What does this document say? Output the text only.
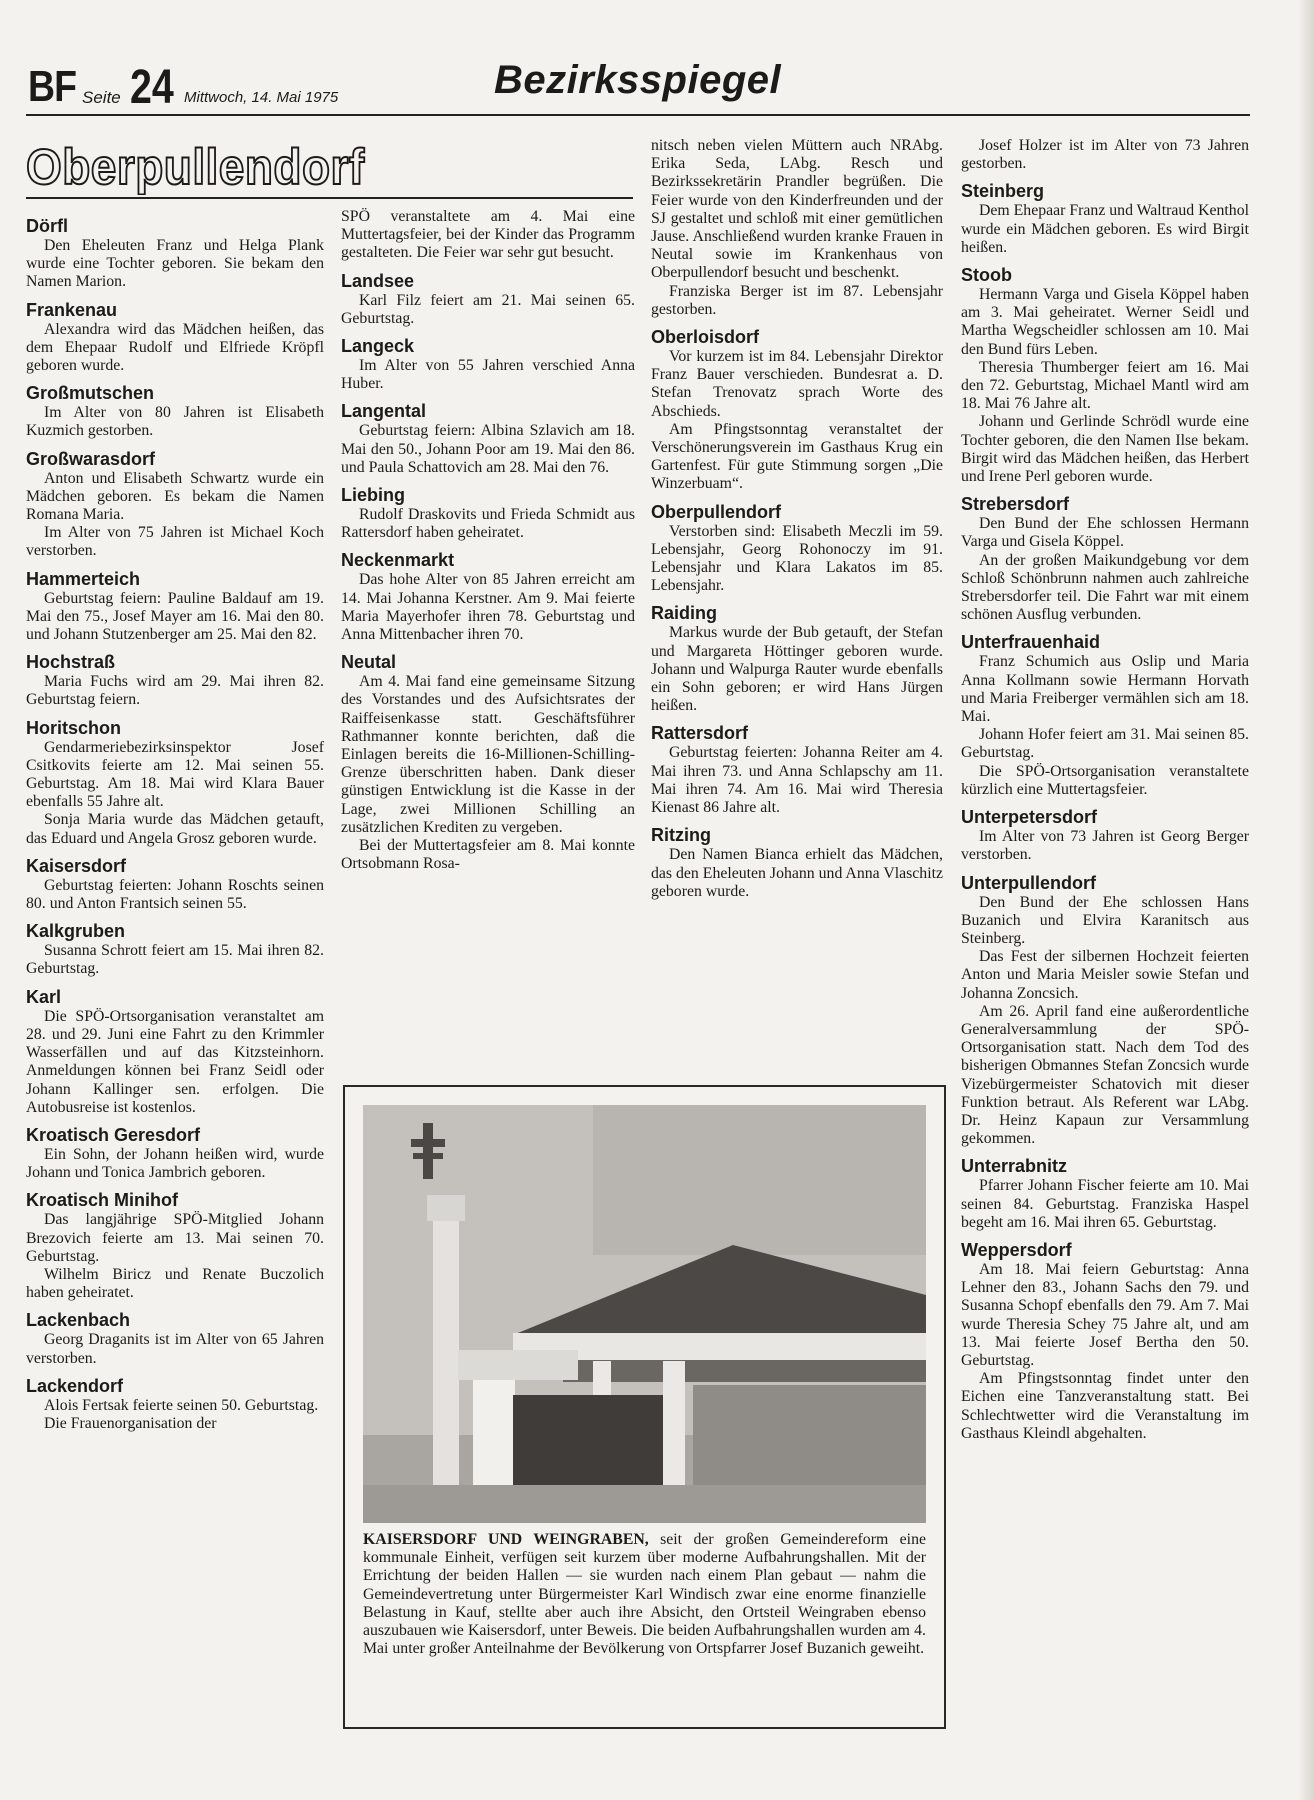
BF Seite 24 Mittwoch, 14. Mai 1975	Bezirksspiegel
Oberpullendorf
Dörfl

Den Eheleuten Franz und Helga Plank wurde eine Tochter geboren. Sie bekam den Namen Marion.

Frankenau

Alexandra wird das Mädchen heißen, das dem Ehepaar Rudolf und Elfriede Kröpfl geboren wurde.

Großmutschen

Im Alter von 80 Jahren ist Elisabeth Kuzmich gestorben.

Großwarasdorf

Anton und Elisabeth Schwartz wurde ein Mädchen geboren. Es bekam die Namen Romana Maria.

Im Alter von 75 Jahren ist Michael Koch verstorben.

Hammerteich

Geburtstag feiern: Pauline Baldauf am 19. Mai den 75., Josef Mayer am 16. Mai den 80. und Johann Stutzenberger am 25. Mai den 82.

Hochstraß

Maria Fuchs wird am 29. Mai ihren 82. Geburtstag feiern.

Horitschon

Gendarmeriebezirksinspektor Josef Csitkovits feierte am 12. Mai seinen 55. Geburtstag. Am 18. Mai wird Klara Bauer ebenfalls 55 Jahre alt.

Sonja Maria wurde das Mädchen getauft, das Eduard und Angela Grosz geboren wurde.

Kaisersdorf

Geburtstag feierten: Johann Roschts seinen 80. und Anton Frantsich seinen 55.

Kalkgruben

Susanna Schrott feiert am 15. Mai ihren 82. Geburtstag.

Karl

Die SPÖ-Ortsorganisation veranstaltet am 28. und 29. Juni eine Fahrt zu den Krimmler Wasserfällen und auf das Kitzsteinhorn. Anmeldungen können bei Franz Seidl oder Johann Kallinger sen. erfolgen. Die Autobusreise ist kostenlos.

Kroatisch Geresdorf

Ein Sohn, der Johann heißen wird, wurde Johann und Tonica Jambrich geboren.

Kroatisch Minihof

Das langjährige SPÖ-Mitglied Johann Brezovich feierte am 13. Mai seinen 70. Geburtstag.

Wilhelm Biricz und Renate Buczolich haben geheiratet.

Lackenbach

Georg Draganits ist im Alter von 65 Jahren verstorben.

Lackendorf

Alois Fertsak feierte seinen 50. Geburtstag.

Die Frauenorganisation der

SPÖ veranstaltete am 4. Mai eine Muttertagsfeier, bei der Kinder das Programm gestalteten. Die Feier war sehr gut besucht.

Landsee

Karl Filz feiert am 21. Mai seinen 65. Geburtstag.

Langeck

Im Alter von 55 Jahren verschied Anna Huber.

Langental

Geburtstag feiern: Albina Szlavich am 18. Mai den 50., Johann Poor am 19. Mai den 86. und Paula Schattovich am 28. Mai den 76.

Liebing

Rudolf Draskovits und Frieda Schmidt aus Rattersdorf haben geheiratet.

Neckenmarkt

Das hohe Alter von 85 Jahren erreicht am 14. Mai Johanna Kerstner. Am 9. Mai feierte Maria Mayerhofer ihren 78. Geburtstag und Anna Mittenbacher ihren 70.

Neutal

Am 4. Mai fand eine gemeinsame Sitzung des Vorstandes und des Aufsichtsrates der Raiffeisenkasse statt. Geschäftsführer Rathmanner konnte berichten, daß die Einlagen bereits die 16-Millionen-Schilling-Grenze überschritten haben. Dank dieser günstigen Entwicklung ist die Kasse in der Lage, zwei Millionen Schilling an zusätzlichen Krediten zu vergeben.

Bei der Muttertagsfeier am 8. Mai konnte Ortsobmann Rosa-

nitsch neben vielen Müttern auch NRAbg. Erika Seda, LAbg. Resch und Bezirkssekretärin Prandler begrüßen. Die Feier wurde von den Kinderfreunden und der SJ gestaltet und schloß mit einer gemütlichen Jause. Anschließend wurden kranke Frauen in Neutal sowie im Krankenhaus von Oberpullendorf besucht und beschenkt.

Franziska Berger ist im 87. Lebensjahr gestorben.

Oberloisdorf

Vor kurzem ist im 84. Lebensjahr Direktor Franz Bauer verschieden. Bundesrat a. D. Stefan Trenovatz sprach Worte des Abschieds.

Am Pfingstsonntag veranstaltet der Verschönerungsverein im Gasthaus Krug ein Gartenfest. Für gute Stimmung sorgen „Die Winzerbuam“.

Oberpullendorf

Verstorben sind: Elisabeth Meczli im 59. Lebensjahr, Georg Rohonoczy im 91. Lebensjahr und Klara Lakatos im 85. Lebensjahr.

Raiding

Markus wurde der Bub getauft, der Stefan und Margareta Höttinger geboren wurde. Johann und Walpurga Rauter wurde ebenfalls ein Sohn geboren; er wird Hans Jürgen heißen.

Rattersdorf

Geburtstag feierten: Johanna Reiter am 4. Mai ihren 73. und Anna Schlapschy am 11. Mai ihren 74. Am 16. Mai wird Theresia Kienast 86 Jahre alt.

Ritzing

Den Namen Bianca erhielt das Mädchen, das den Eheleuten Johann und Anna Vlaschitz geboren wurde.

Josef Holzer ist im Alter von 73 Jahren gestorben.

Steinberg

Dem Ehepaar Franz und Waltraud Kenthol wurde ein Mädchen geboren. Es wird Birgit heißen.

Stoob

Hermann Varga und Gisela Köppel haben am 3. Mai geheiratet. Werner Seidl und Martha Wegscheidler schlossen am 10. Mai den Bund fürs Leben.

Theresia Thumberger feiert am 16. Mai den 72. Geburtstag, Michael Mantl wird am 18. Mai 76 Jahre alt.

Johann und Gerlinde Schrödl wurde eine Tochter geboren, die den Namen Ilse bekam. Birgit wird das Mädchen heißen, das Herbert und Irene Perl geboren wurde.

Strebersdorf

Den Bund der Ehe schlossen Hermann Varga und Gisela Köppel.

An der großen Maikundgebung vor dem Schloß Schönbrunn nahmen auch zahlreiche Strebersdorfer teil. Die Fahrt war mit einem schönen Ausflug verbunden.

Unterfrauenhaid

Franz Schumich aus Oslip und Maria Anna Kollmann sowie Hermann Horvath und Maria Freiberger vermählen sich am 18. Mai.

Johann Hofer feiert am 31. Mai seinen 85. Geburtstag.

Die SPÖ-Ortsorganisation veranstaltete kürzlich eine Muttertagsfeier.

Unterpetersdorf

Im Alter von 73 Jahren ist Georg Berger verstorben.

Unterpullendorf

Den Bund der Ehe schlossen Hans Buzanich und Elvira Karanitsch aus Steinberg.

Das Fest der silbernen Hochzeit feierten Anton und Maria Meisler sowie Stefan und Johanna Zoncsich.

Am 26. April fand eine außerordentliche Generalversammlung der SPÖ-Ortsorganisation statt. Nach dem Tod des bisherigen Obmannes Stefan Zoncsich wurde Vizebürgermeister Schatovich mit dieser Funktion betraut. Als Referent war LAbg. Dr. Heinz Kapaun zur Versammlung gekommen.

Unterrabnitz

Pfarrer Johann Fischer feierte am 10. Mai seinen 84. Geburtstag. Franziska Haspel begeht am 16. Mai ihren 65. Geburtstag.

Weppersdorf

Am 18. Mai feiern Geburtstag: Anna Lehner den 83., Johann Sachs den 79. und Susanna Schopf ebenfalls den 79. Am 7. Mai wurde Theresia Schey 75 Jahre alt, und am 13. Mai feierte Josef Bertha den 50. Geburtstag.

Am Pfingstsonntag findet unter den Eichen eine Tanzveranstaltung statt. Bei Schlechtwetter wird die Veranstaltung im Gasthaus Kleindl abgehalten.

KAISERSDORF UND WEINGRABEN, seit der großen Gemeindereform eine kommunale Einheit, verfügen seit kurzem über moderne Aufbahrungshallen. Mit der Errichtung der beiden Hallen — sie wurden nach einem Plan gebaut — nahm die Gemeindevertretung unter Bürgermeister Karl Windisch zwar eine enorme finanzielle Belastung in Kauf, stellte aber auch ihre Absicht, den Ortsteil Weingraben ebenso auszubauen wie Kaisersdorf, unter Beweis. Die beiden Aufbahrungshallen wurden am 4. Mai unter großer Anteilnahme der Bevölkerung von Ortspfarrer Josef Buzanich geweiht.
